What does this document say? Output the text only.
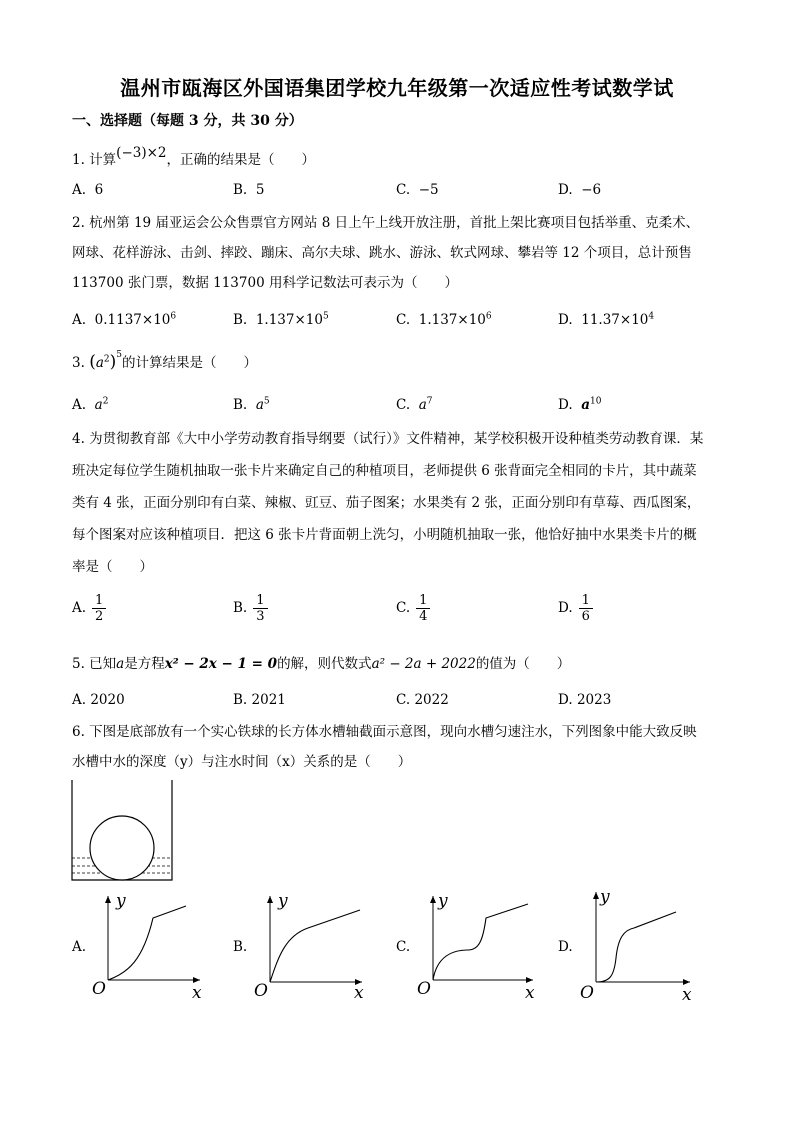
温州市瓯海区外国语集团学校九年级第一次适应性考试数学试
一、选择题（每题 3 分，共 30 分）
1. 计算(−3)×2，正确的结果是（　　）
A. 6	B. 5	C. −5	D. −6
2. 杭州第 19 届亚运会公众售票官方网站 8 日上午上线开放注册，首批上架比赛项目包括举重、克柔术、
网球、花样游泳、击剑、摔跤、蹦床、高尔夫球、跳水、游泳、软式网球、攀岩等 12 个项目，总计预售
113700 张门票，数据 113700 用科学记数法可表示为（　　）
A. $0.1137\times 10^6$	B. $1.137\times 10^5$	C. $1.137\times 10^6$	D. $11.37\times 10^4$
3. $(a^2)^5$的计算结果是（　　）
A. $a^2$	B. $a^5$	C. $a^7$	D. $a^{10}$
4. 为贯彻教育部《大中小学劳动教育指导纲要（试行）》文件精神，某学校积极开设种植类劳动教育课．某
班决定每位学生随机抽取一张卡片来确定自己的种植项目，老师提供 6 张背面完全相同的卡片，其中蔬菜
类有 4 张，正面分别印有白菜、辣椒、豇豆、茄子图案；水果类有 2 张，正面分别印有草莓、西瓜图案，
每个图案对应该种植项目．把这 6 张卡片背面朝上洗匀，小明随机抽取一张，他恰好抽中水果类卡片的概
率是（　　）
A. $\frac{1}{2}$	B. $\frac{1}{3}$	C. $\frac{1}{4}$	D. $\frac{1}{6}$
5. 已知a是方程x² − 2x − 1 = 0的解，则代数式a² − 2a + 2022的值为（　　）
A. 2020	B. 2021	C. 2022	D. 2023
6. 下图是底部放有一个实心铁球的长方体水槽轴截面示意图，现向水槽匀速注水，下列图象中能大致反映
水槽中水的深度（y）与注水时间（x）关系的是（　　）
A.
y
x
O
B.
y
x
O
C.
y
x
O
D.
y
x
O
